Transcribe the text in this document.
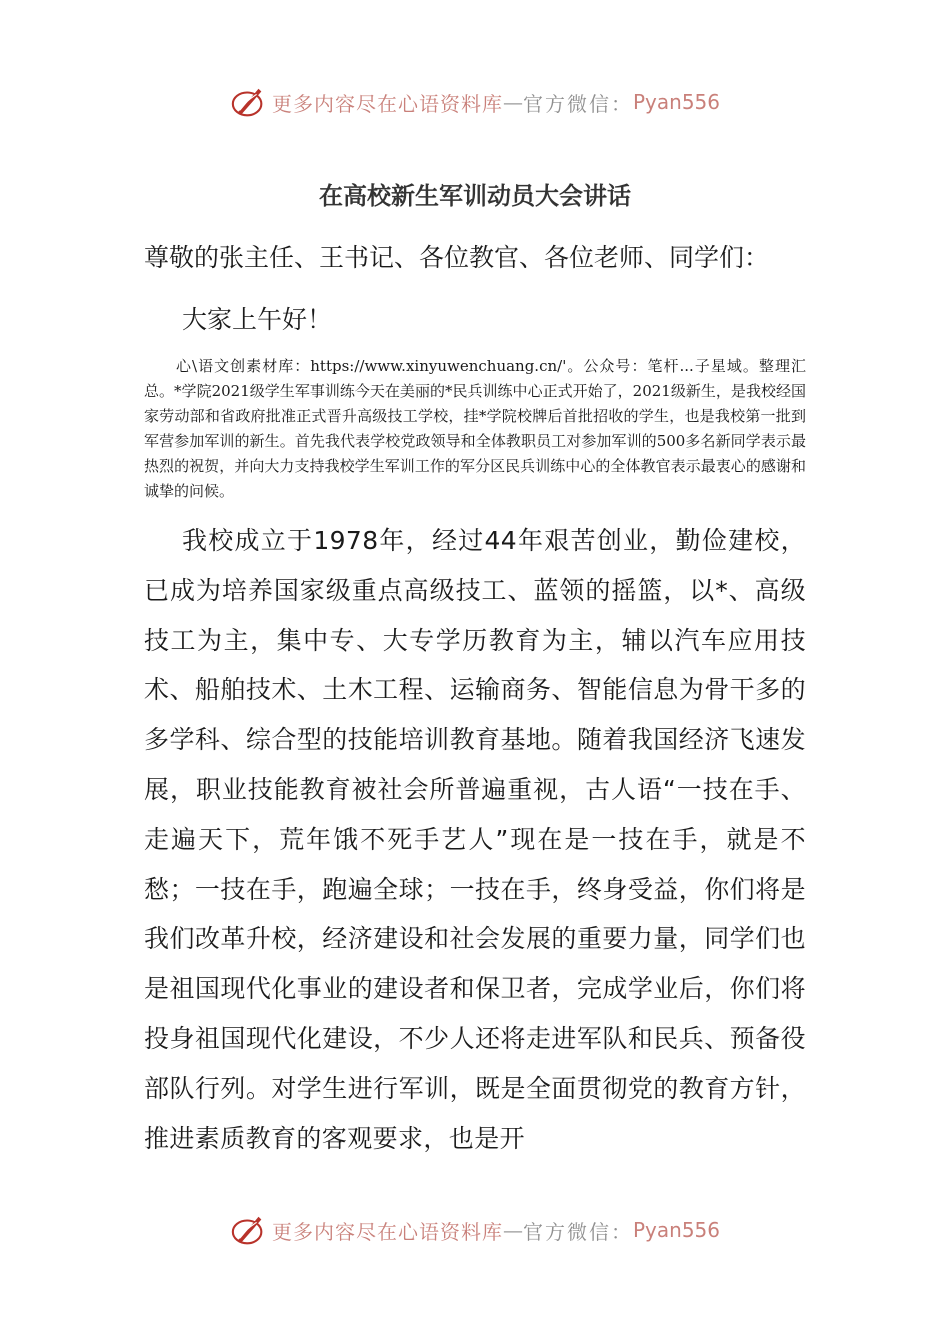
更多内容尽在心语资料库 — 官方微信： Pyan556
在高校新生军训动员大会讲话

尊敬的张主任、王书记、各位教官、各位老师、同学们：

大家上午好！

心\语文创素材库：https://www.xinyuwenchuang.cn/'。公众号：笔杆...子星域。整理汇总。*学院2021级学生军事训练今天在美丽的*民兵训练中心正式开始了，2021级新生，是我校经国家劳动部和省政府批准正式晋升高级技工学校，挂*学院校牌后首批招收的学生，也是我校第一批到军营参加军训的新生。首先我代表学校党政领导和全体教职员工对参加军训的500多名新同学表示最热烈的祝贺，并向大力支持我校学生军训工作的军分区民兵训练中心的全体教官表示最衷心的感谢和诚挚的问候。

我校成立于1978年，经过44年艰苦创业，勤俭建校，已成为培养国家级重点高级技工、蓝领的摇篮，以*、高级技工为主，集中专、大专学历教育为主，辅以汽车应用技术、船舶技术、土木工程、运输商务、智能信息为骨干多的多学科、综合型的技能培训教育基地。随着我国经济飞速发展，职业技能教育被社会所普遍重视，古人语“一技在手、走遍天下，荒年饿不死手艺人”现在是一技在手，就是不愁；一技在手，跑遍全球；一技在手，终身受益，你们将是我们改革升校，经济建设和社会发展的重要力量，同学们也是祖国现代化事业的建设者和保卫者，完成学业后，你们将投身祖国现代化建设，不少人还将走进军队和民兵、预备役部队行列。对学生进行军训，既是全面贯彻党的教育方针，推进素质教育的客观要求，也是开

更多内容尽在心语资料库 — 官方微信： Pyan556
